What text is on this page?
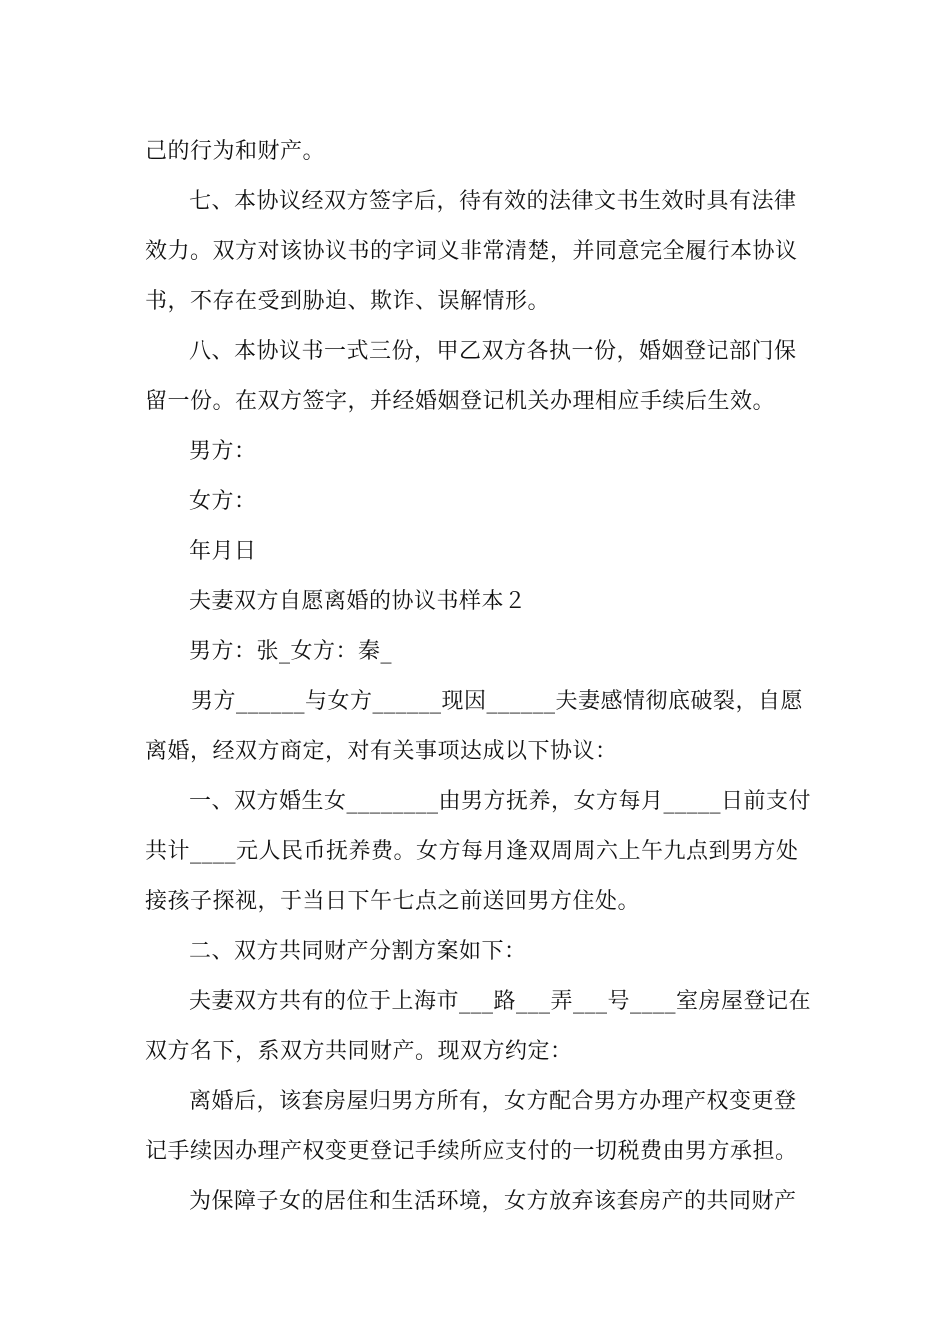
己的行为和财产。
七、本协议经双方签字后，待有效的法律文书生效时具有法律
效力。双方对该协议书的字词义非常清楚，并同意完全履行本协议
书，不存在受到胁迫、欺诈、误解情形。
八、本协议书一式三份，甲乙双方各执一份，婚姻登记部门保
留一份。在双方签字，并经婚姻登记机关办理相应手续后生效。
男方：
女方：
年月日
夫妻双方自愿离婚的协议书样本２
男方：张_女方：秦_
男方______与女方______现因______夫妻感情彻底破裂，自愿
离婚，经双方商定，对有关事项达成以下协议：
一、双方婚生女________由男方抚养，女方每月_____日前支付
共计____元人民币抚养费。女方每月逢双周周六上午九点到男方处
接孩子探视，于当日下午七点之前送回男方住处。
二、双方共同财产分割方案如下：
夫妻双方共有的位于上海市___路___弄___号____室房屋登记在
双方名下，系双方共同财产。现双方约定：
离婚后，该套房屋归男方所有，女方配合男方办理产权变更登
记手续因办理产权变更登记手续所应支付的一切税费由男方承担。
为保障子女的居住和生活环境，女方放弃该套房产的共同财产
